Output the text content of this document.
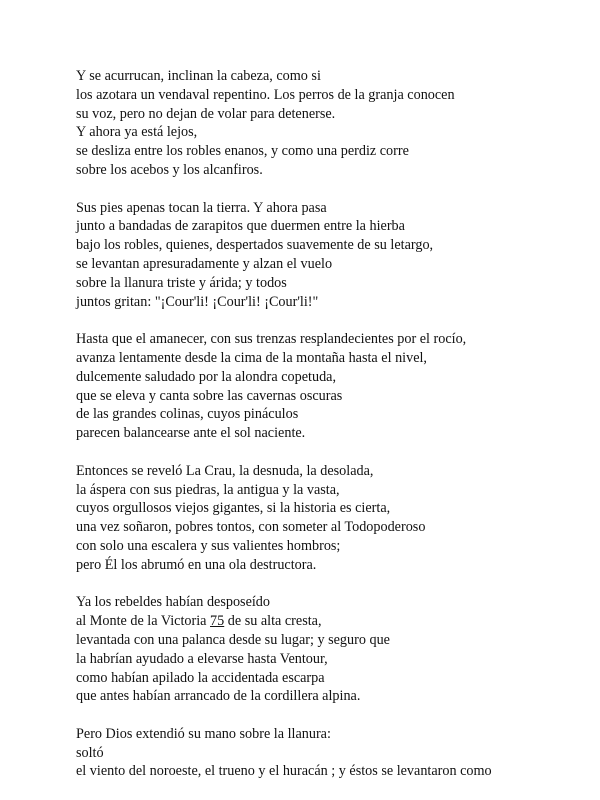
Y se acurrucan, inclinan la cabeza, como si
los azotara un vendaval repentino. Los perros de la granja conocen
su voz, pero no dejan de volar para detenerse.
Y ahora ya está lejos,
se desliza entre los robles enanos, y como una perdiz corre
sobre los acebos y los alcanfiros.
Sus pies apenas tocan la tierra. Y ahora pasa
junto a bandadas de zarapitos que duermen entre la hierba
bajo los robles, quienes, despertados suavemente de su letargo,
se levantan apresuradamente y alzan el vuelo
sobre la llanura triste y árida; y todos
juntos gritan: "¡Cour'li! ¡Cour'li! ¡Cour'li!"
Hasta que el amanecer, con sus trenzas resplandecientes por el rocío,
avanza lentamente desde la cima de la montaña hasta el nivel,
dulcemente saludado por la alondra copetuda,
que se eleva y canta sobre las cavernas oscuras
de las grandes colinas, cuyos pináculos
parecen balancearse ante el sol naciente.
Entonces se reveló La Crau, la desnuda, la desolada,
la áspera con sus piedras, la antigua y la vasta,
cuyos orgullosos viejos gigantes, si la historia es cierta,
una vez soñaron, pobres tontos, con someter al Todopoderoso
con solo una escalera y sus valientes hombros;
pero Él los abrumó en una ola destructora.
Ya los rebeldes habían desposeído
al Monte de la Victoria 75 de su alta cresta,
levantada con una palanca desde su lugar; y seguro que
la habrían ayudado a elevarse hasta Ventour,
como habían apilado la accidentada escarpa
que antes habían arrancado de la cordillera alpina.
Pero Dios extendió su mano sobre la llanura:
soltó
el viento del noroeste, el trueno y el huracán ; y éstos se levantaron como
